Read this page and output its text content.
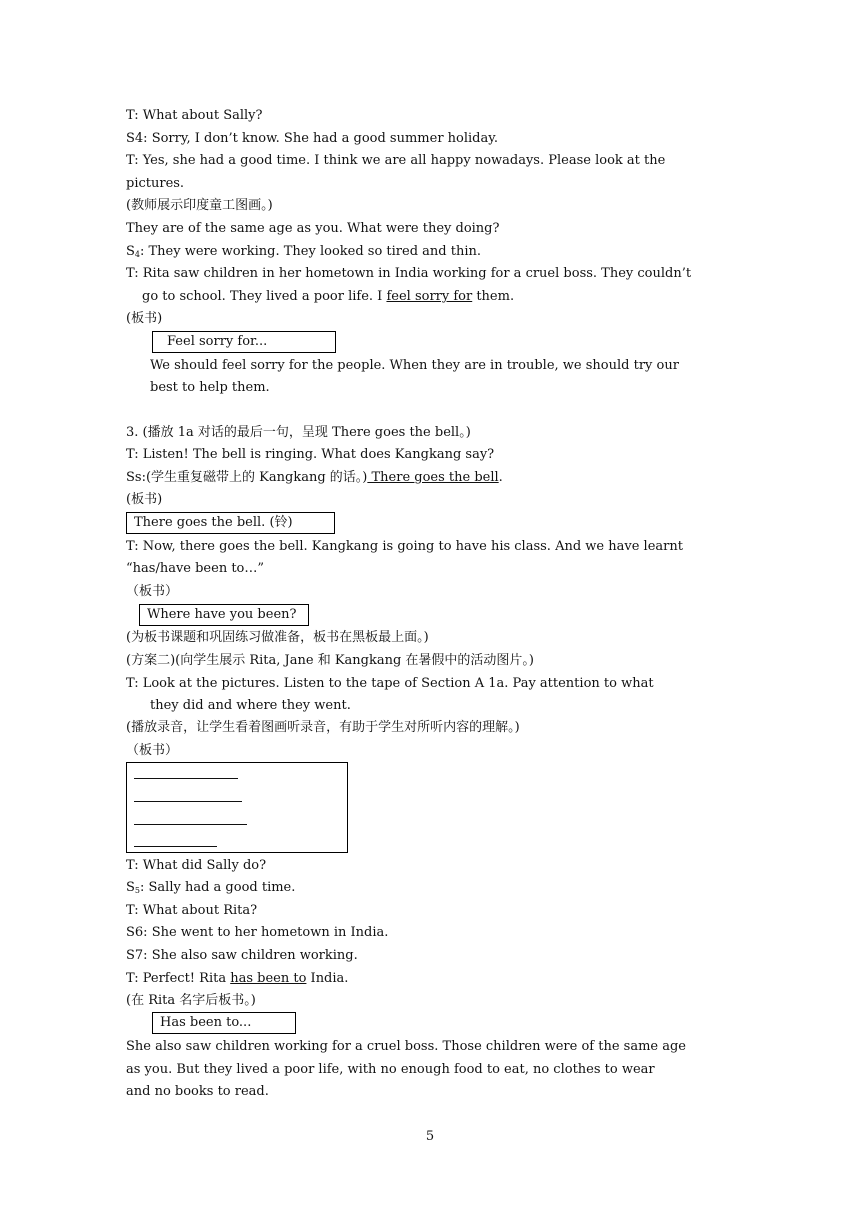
T: What about Sally?
S4: Sorry, I don’t know. She had a good summer holiday.
T: Yes, she had a good time. I think we are all happy nowadays. Please look at the
pictures.
(教师展示印度童工图画。)
They are of the same age as you. What were they doing?
$S_4$: They were working. They looked so tired and thin.
T: Rita saw children in her hometown in India working for a cruel boss. They couldn’t
go to school. They lived a poor life. I feel sorry for them.
(板书)
Feel sorry for...
We should feel sorry for the people. When they are in trouble, we should try our
best to help them.
3. (播放 1a 对话的最后一句，呈现 There goes the bell。)
T: Listen! The bell is ringing. What does Kangkang say?
Ss:(学生重复磁带上的 Kangkang 的话。) There goes the bell.
(板书)
There goes the bell. (铃)
T: Now, there goes the bell. Kangkang is going to have his class. And we have learnt
“has/have been to…”
（板书）
Where have you been?
(为板书课题和巩固练习做准备，板书在黑板最上面。)
(方案二)(向学生展示 Rita, Jane 和 Kangkang 在暑假中的活动图片。)
T: Look at the pictures. Listen to the tape of Section A 1a. Pay attention to what
they did and where they went.
(播放录音，让学生看着图画听录音，有助于学生对所听内容的理解。)
（板书）
T: What did Sally do?
$S_5$: Sally had a good time.
T: What about Rita?
S6: She went to her hometown in India.
S7: She also saw children working.
T: Perfect! Rita has been to India.
(在 Rita 名字后板书。)
Has been to...
She also saw children working for a cruel boss. Those children were of the same age
as you. But they lived a poor life, with no enough food to eat, no clothes to wear
and no books to read.
5
